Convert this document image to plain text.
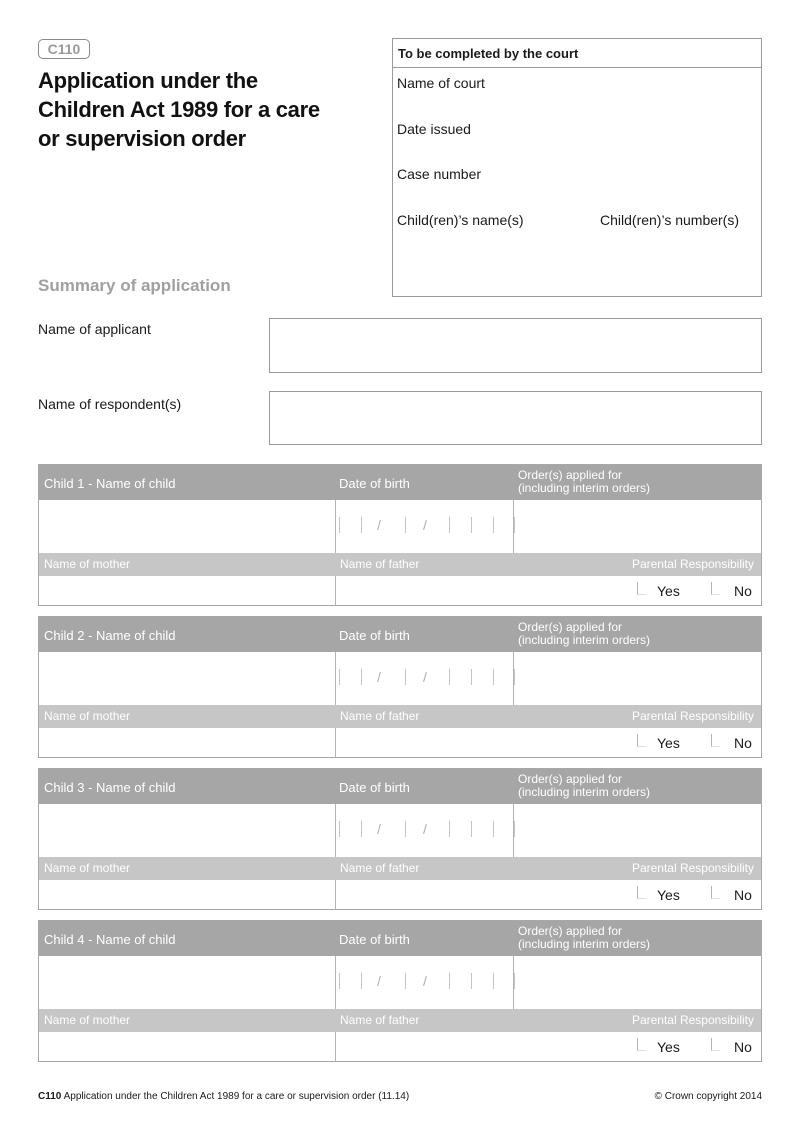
C110
Application under the Children Act 1989 for a care or supervision order
To be completed by the court
Name of court
Date issued
Case number
Child(ren)’s name(s)	Child(ren)’s number(s)
Summary of application
Name of applicant
Name of respondent(s)
Child 1 - Name of child	Date of birth
Order(s) applied for
(including interim orders)
/	/
Name of mother	Name of father	Parental Responsibility
Yes	No
Child 2 - Name of child	Date of birth
Order(s) applied for
(including interim orders)
/	/
Name of mother	Name of father	Parental Responsibility
Yes	No
Child 3 - Name of child	Date of birth
Order(s) applied for
(including interim orders)
/	/
Name of mother	Name of father	Parental Responsibility
Yes	No
Child 4 - Name of child	Date of birth
Order(s) applied for
(including interim orders)
/	/
Name of mother	Name of father	Parental Responsibility
Yes	No
C110 Application under the Children Act 1989 for a care or supervision order (11.14)	© Crown copyright 2014
